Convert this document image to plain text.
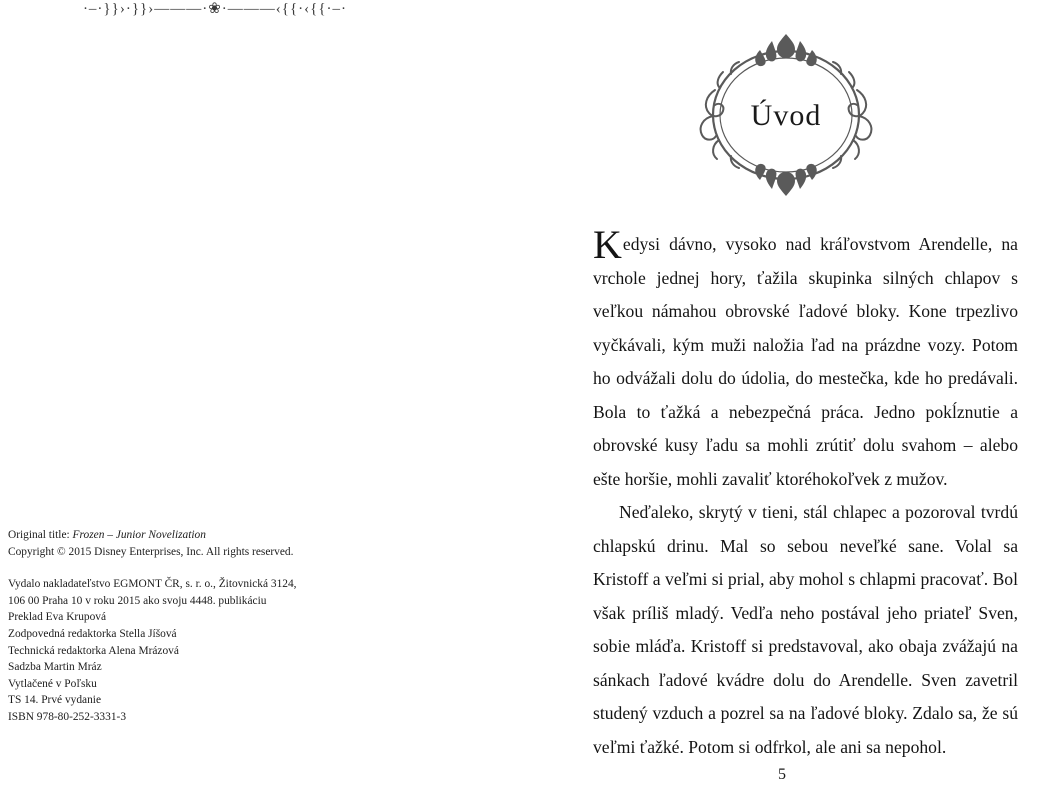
·–·}}›·}}›———·❀·———‹{{·‹{{·–·

Original title: Frozen – Junior Novelization

Copyright © 2015 Disney Enterprises, Inc. All rights reserved.

Vydalo nakladateľstvo EGMONT ČR, s. r. o., Žitovnická 3124,

106 00 Praha 10 v roku 2015 ako svoju 4448. publikáciu

Preklad Eva Krupová

Zodpovedná redaktorka Stella Jíšová

Technická redaktorka Alena Mrázová

Sadzba Martin Mráz

Vytlačené v Poľsku

TS 14. Prvé vydanie

ISBN 978-80-252-3331-3

Úvod

Kedysi dávno, vysoko nad kráľovstvom Arendelle, na vrchole jednej hory, ťažila skupinka silných chlapov s veľkou námahou obrovské ľadové bloky. Kone trpezlivo vyčkávali, kým muži naložia ľad na prázdne vozy. Potom ho odvážali dolu do údolia, do mestečka, kde ho predávali. Bola to ťažká a nebezpečná práca. Jedno pokĺznutie a obrovské kusy ľadu sa mohli zrútiť dolu svahom – alebo ešte horšie, mohli zavaliť ktoréhokoľvek z mužov.

Neďaleko, skrytý v tieni, stál chlapec a pozoroval tvrdú chlapskú drinu. Mal so sebou neveľké sane. Volal sa Kristoff a veľmi si prial, aby mohol s chlapmi pracovať. Bol však príliš mladý. Vedľa neho postával jeho priateľ Sven, sobie mláďa. Kristoff si predstavoval, ako obaja zvážajú na sánkach ľadové kvádre dolu do Arendelle. Sven zavetril studený vzduch a pozrel sa na ľadové bloky. Zdalo sa, že sú veľmi ťažké. Potom si odfrkol, ale ani sa nepohol.

5
